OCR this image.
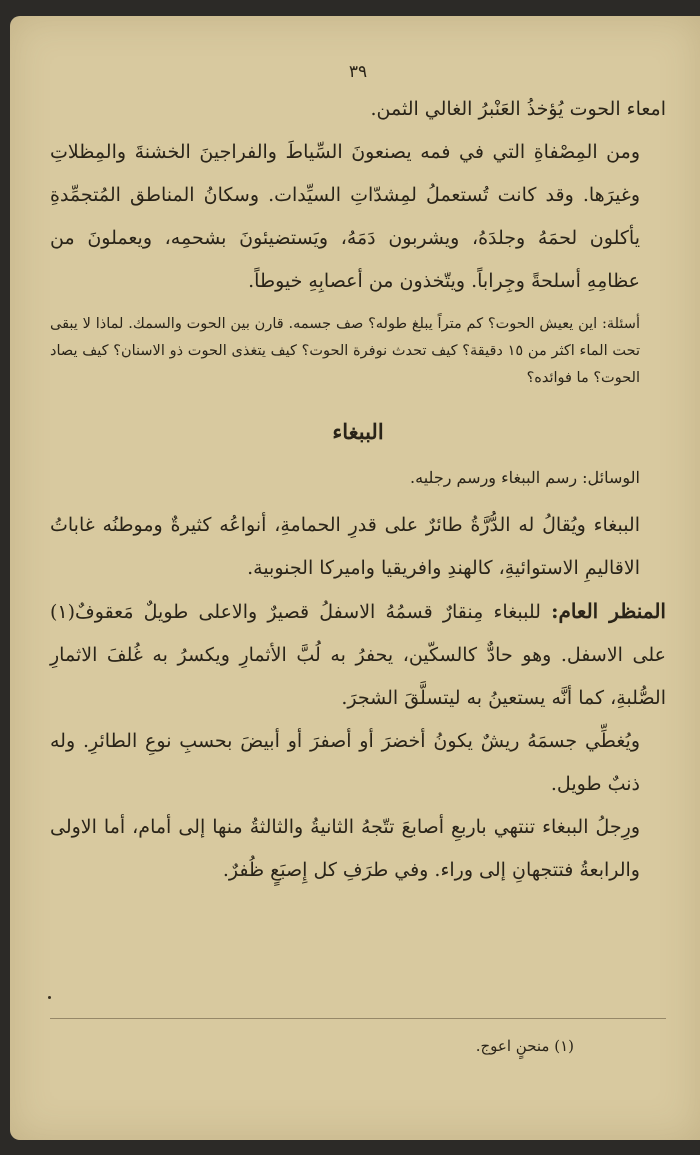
٣٩

امعاء الحوت يُؤخذُ العَنْبرُ الغالي الثمن.

ومن المِصْفاةِ التي في فمه يصنعونَ السِّياطَ والفراجينَ الخشنةَ والمِظلاتِ وغيرَها. وقد كانت تُستعملُ لمِشدّاتِ السيِّدات. وسكانُ المناطق المُتجمِّدةِ يأكلون لحمَهُ وجلدَهُ، ويشربون دَمَهُ، ويَستضيئونَ بشحمِه، ويعملونَ من عظامِهِ أسلحةً وجِراباً. ويتّخذون من أعصابِهِ خيوطاً.

أسئلة: اين يعيش الحوت؟ كم متراً يبلغ طوله؟ صف جسمه. قارن بين الحوت والسمك. لماذا لا يبقى تحت الماء اكثر من ١٥ دقيقة؟ كيف تحدث نوفرة الحوت؟ كيف يتغذى الحوت ذو الاسنان؟ كيف يصاد الحوت؟ ما فوائده؟

الببغاء

الوسائل: رسم الببغاء ورسم رجليه.

الببغاء ويُقالُ له الدُّرَّةُ طائرٌ على قدرِ الحمامةِ، أنواعُه كثيرةٌ وموطنُه غاباتُ الاقاليمِ الاستوائيةِ، كالهندِ وافريقيا واميركا الجنوبية.

المنظر العام: للببغاء مِنقارٌ قسمُهُ الاسفلُ قصيرٌ والاعلى طويلٌ مَعقوفٌ(١) على الاسفل. وهو حادٌّ كالسكّين، يحفرُ به لُبَّ الأثمارِ ويكسرُ به غُلفَ الاثمارِ الصُّلبةِ، كما أنَّه يستعينُ به ليتسلَّقَ الشجرَ.

ويُغطِّي جسمَهُ ريشٌ يكونُ أخضرَ أو أصفرَ أو أبيضَ بحسبِ نوعِ الطائرِ. وله ذنبٌ طويل.

ورِجلُ الببغاء تنتهي باربعِ أصابعَ تتّجهُ الثانيةُ والثالثةُ منها إلى أمام، أما الاولى والرابعةُ فتتجهانِ إلى وراء. وفي طرَفِ كل إِصبَعٍ ظُفرٌ.

(١) منحنٍ اعوج.
